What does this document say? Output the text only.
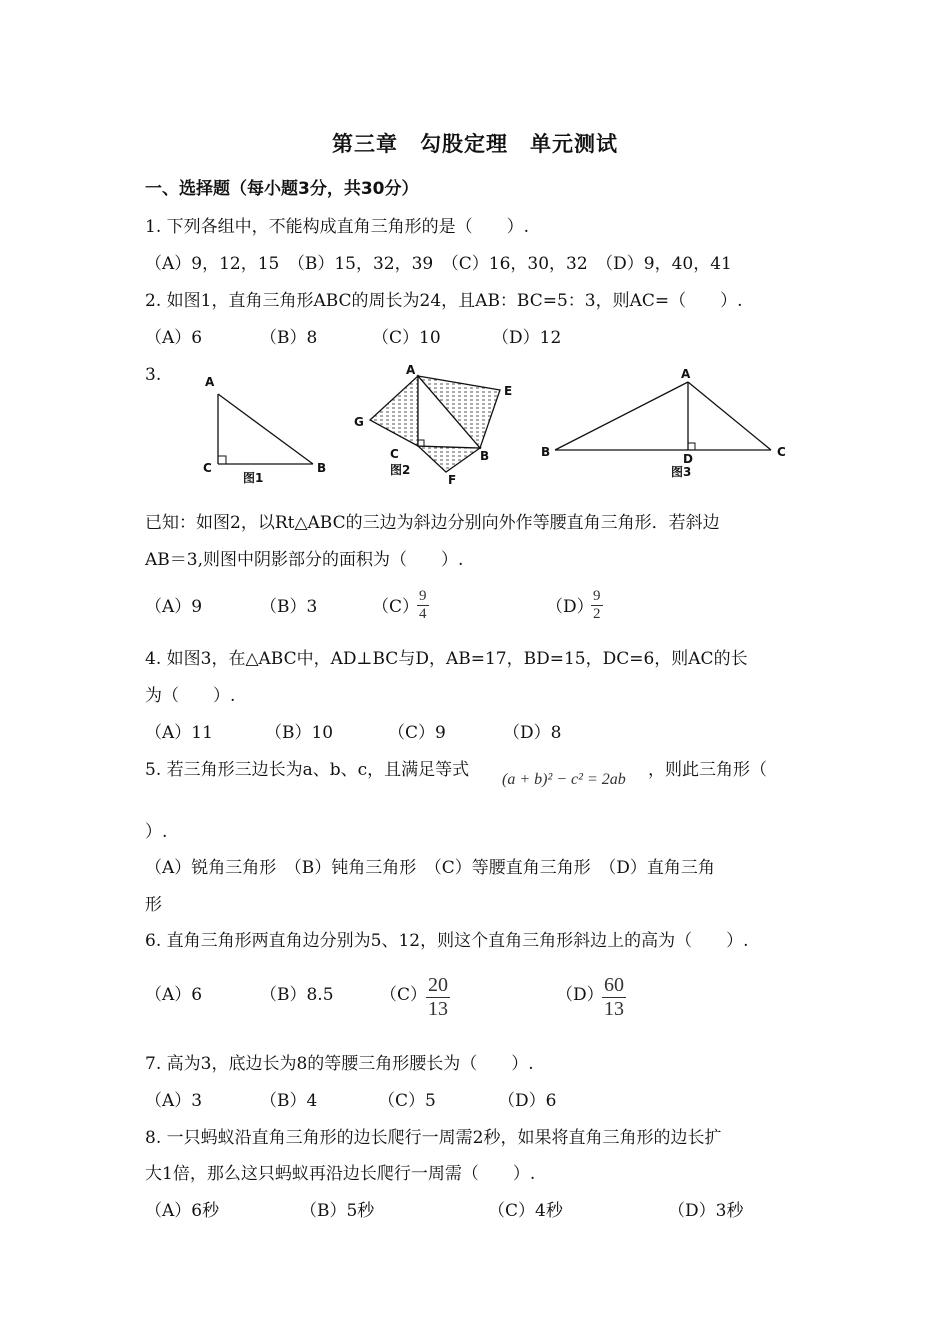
第三章　勾股定理　单元测试
一、选择题（每小题3分，共30分）
1. 下列各组中，不能构成直角三角形的是（　　）.
（A）9，12，15　（B）15，32，39　（C）16，30，32　（D）9，40，41
2. 如图1，直角三角形ABC的周长为24，且AB：BC=5：3，则AC=（　　）.
（A）6	（B）8	（C）10	（D）12
3.	A
C	B
图1
A
E
G
C	B
F
图2
A
B	C
D
图3
已知：如图2，以Rt△ABC的三边为斜边分别向外作等腰直角三角形．若斜边
AB＝3,则图中阴影部分的面积为（　　）.
（A）9	（B）3	（C）
$\frac{9}{4}$	（D）
$\frac{9}{2}$
4. 如图3，在△ABC中，AD⊥BC与D，AB=17，BD=15，DC=6，则AC的长
为（　　）.
（A）11	（B）10	（C）9	（D）8
5. 若三角形三边长为a、b、c，且满足等式 (a + b)² − c² = 2ab ，则此三角形（
）.
（A）锐角三角形　（B）钝角三角形　（C）等腰直角三角形　（D）直角三角
形
6. 直角三角形两直角边分别为5、12，则这个直角三角形斜边上的高为（　　）.
（A）6	（B）8.5	（C）
$\frac{20}{13}$	（D）
$\frac{60}{13}$
7. 高为3，底边长为8的等腰三角形腰长为（　　）.
（A）3	（B）4	（C）5	（D）6
8. 一只蚂蚁沿直角三角形的边长爬行一周需2秒，如果将直角三角形的边长扩
大1倍，那么这只蚂蚁再沿边长爬行一周需（　　）.
（A）6秒	（B）5秒	（C）4秒	（D）3秒
